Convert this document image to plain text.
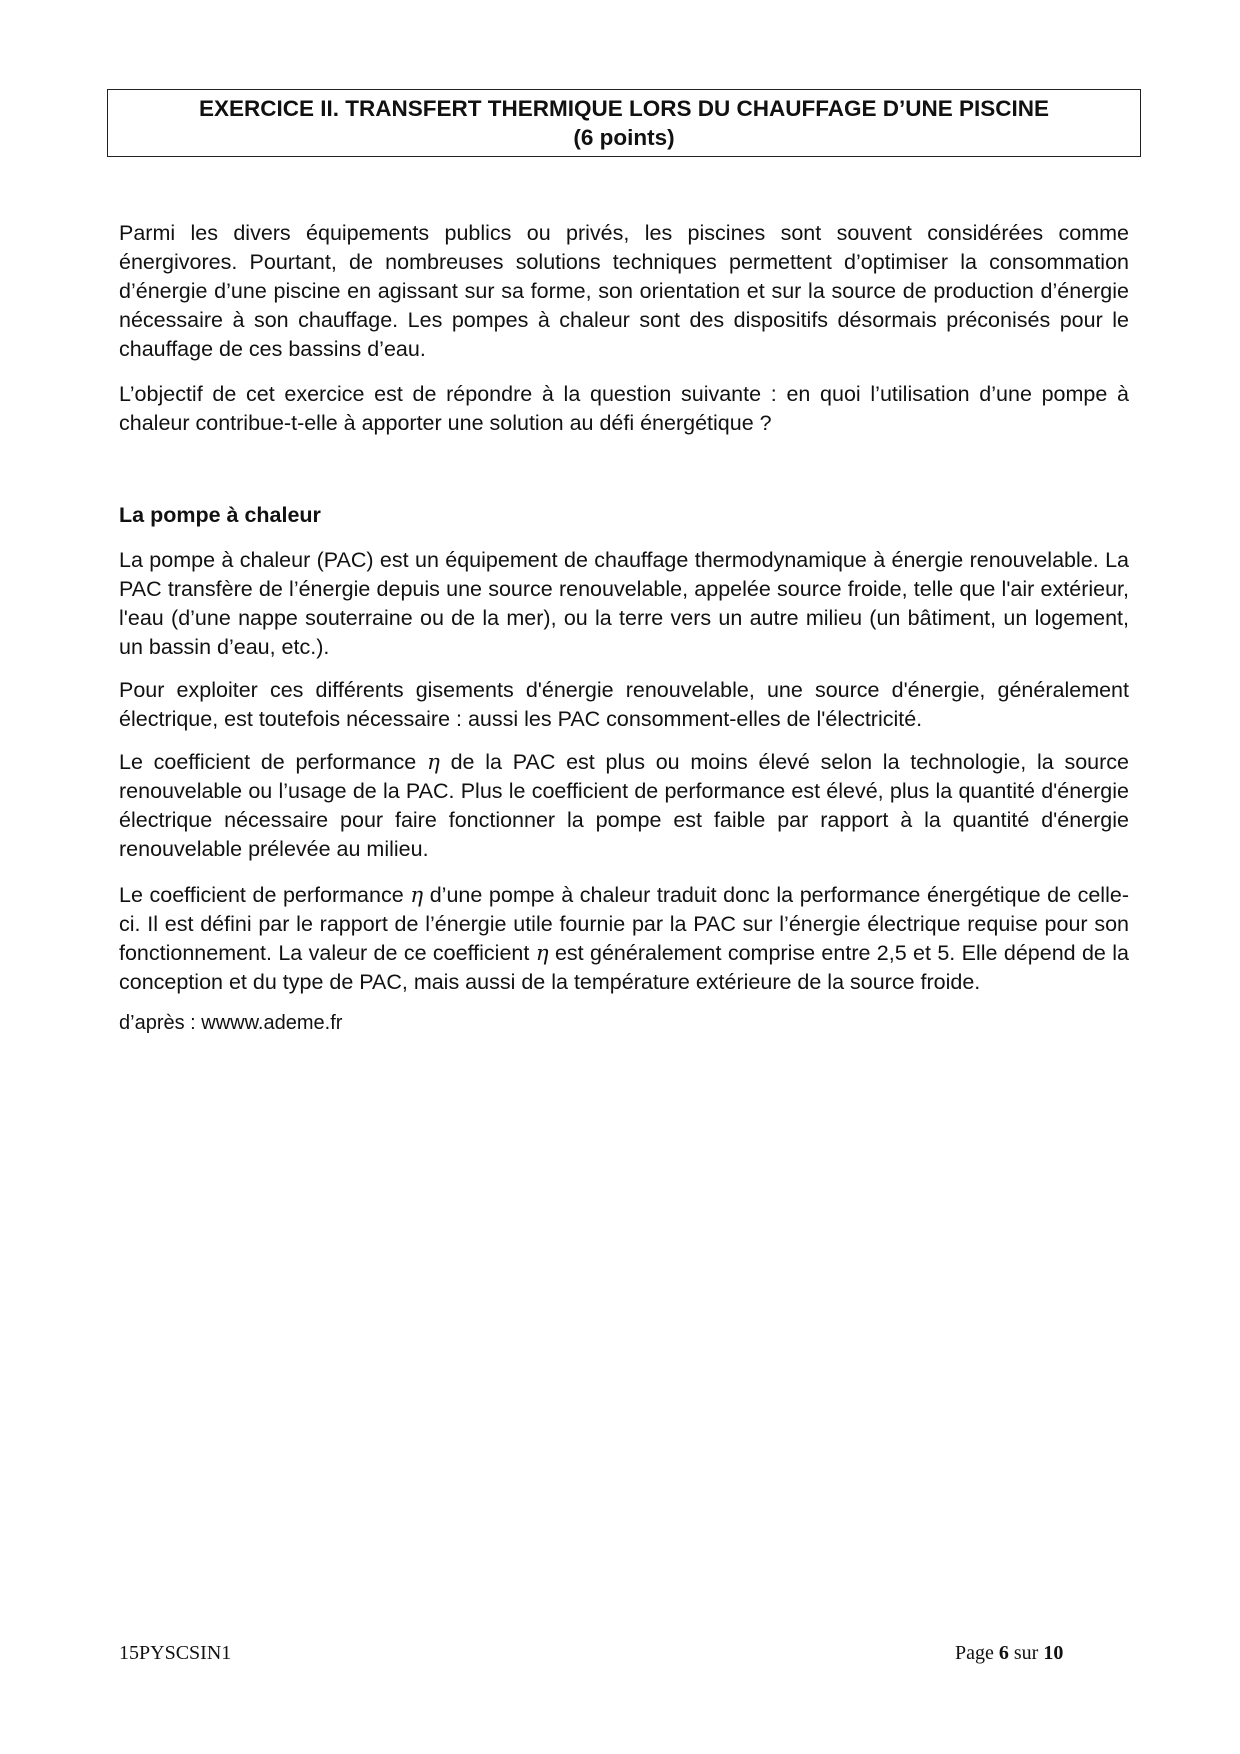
EXERCICE II. TRANSFERT THERMIQUE LORS DU CHAUFFAGE D’UNE PISCINE
(6 points)

Parmi les divers équipements publics ou privés, les piscines sont souvent considérées comme énergivores. Pourtant, de nombreuses solutions techniques permettent d’optimiser la consommation d’énergie d’une piscine en agissant sur sa forme, son orientation et sur la source de production d’énergie nécessaire à son chauffage. Les pompes à chaleur sont des dispositifs désormais préconisés pour le chauffage de ces bassins d’eau.

L’objectif de cet exercice est de répondre à la question suivante : en quoi l’utilisation d’une pompe à chaleur contribue-t-elle à apporter une solution au défi énergétique ?

La pompe à chaleur

La pompe à chaleur (PAC) est un équipement de chauffage thermodynamique à énergie renouvelable. La PAC transfère de l’énergie depuis une source renouvelable, appelée source froide, telle que l'air extérieur, l'eau (d’une nappe souterraine ou de la mer), ou la terre vers un autre milieu (un bâtiment, un logement, un bassin d’eau, etc.).

Pour exploiter ces différents gisements d'énergie renouvelable, une source d'énergie, généralement électrique, est toutefois nécessaire : aussi les PAC consomment-elles de l'électricité.

Le coefficient de performance η de la PAC est plus ou moins élevé selon la technologie, la source renouvelable ou l’usage de la PAC. Plus le coefficient de performance est élevé, plus la quantité d'énergie électrique nécessaire pour faire fonctionner la pompe est faible par rapport à la quantité d'énergie renouvelable prélevée au milieu.

Le coefficient de performance η d’une pompe à chaleur traduit donc la performance énergétique de celle-ci. Il est défini par le rapport de l’énergie utile fournie par la PAC sur l’énergie électrique requise pour son fonctionnement. La valeur de ce coefficient η est généralement comprise entre 2,5 et 5. Elle dépend de la conception et du type de PAC, mais aussi de la température extérieure de la source froide.

d’après : wwww.ademe.fr

15PYSCSIN1	Page 6 sur 10
